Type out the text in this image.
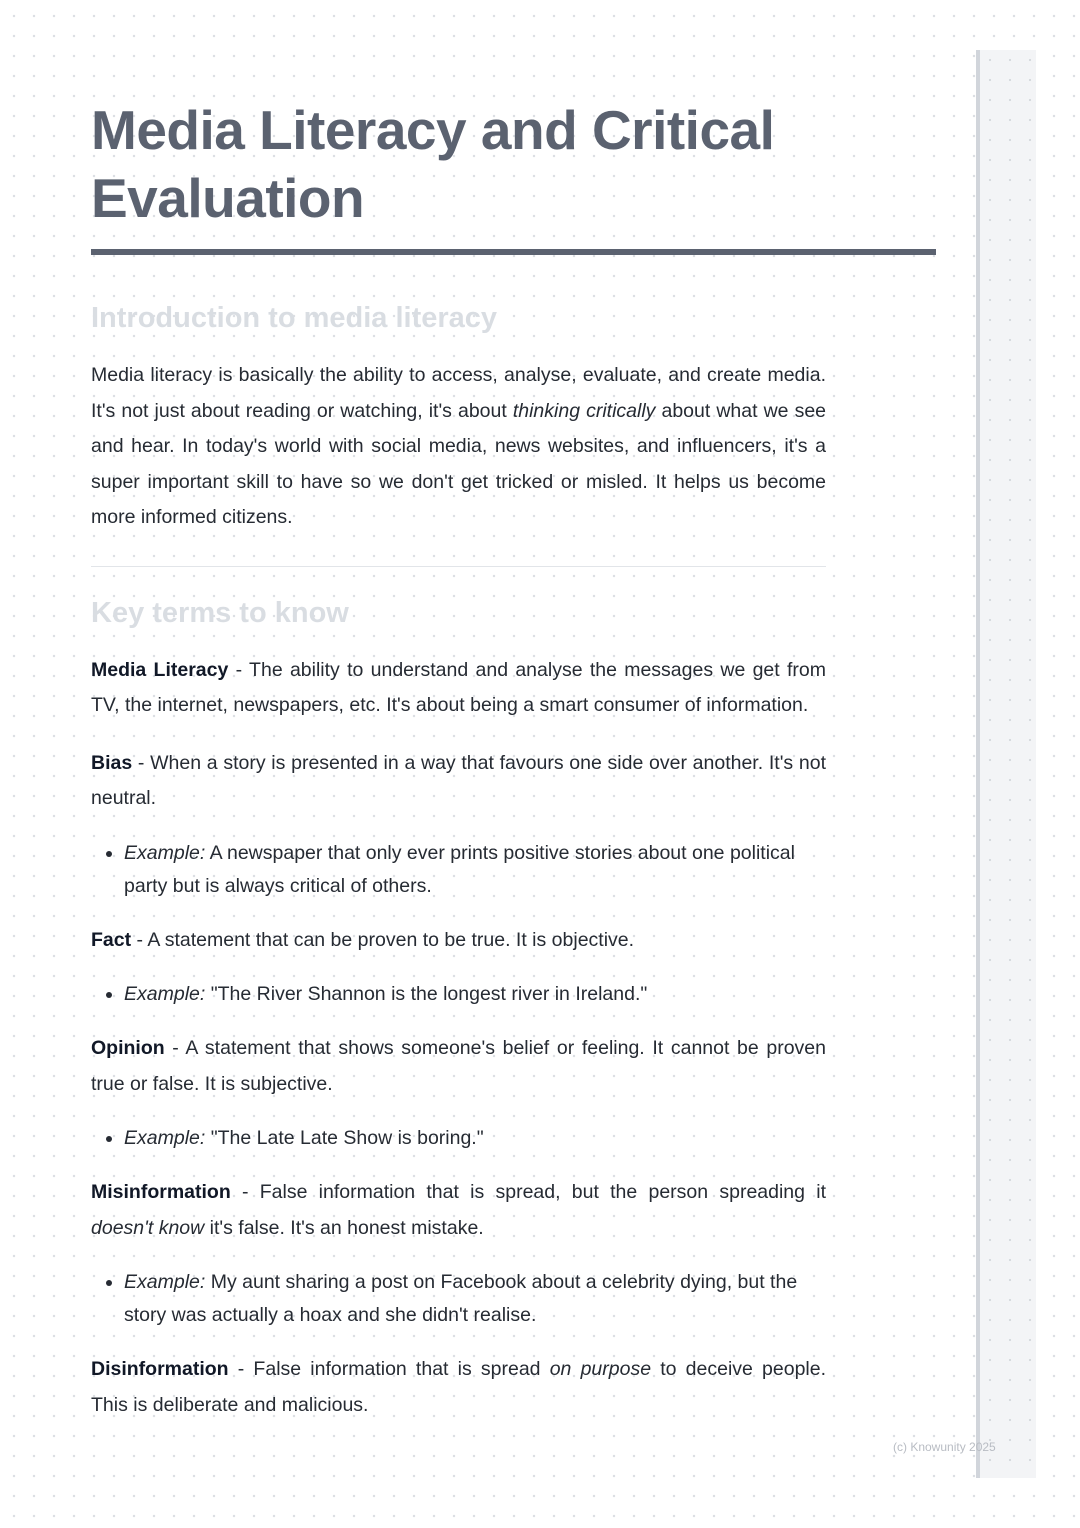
(c) Knowunity 2025
Media Literacy and Critical Evaluation
Introduction to media literacy

Media literacy is basically the ability to access, analyse, evaluate, and create media. It's not just about reading or watching, it's about thinking critically about what we see and hear. In today's world with social media, news websites, and influencers, it's a super important skill to have so we don't get tricked or misled. It helps us become more informed citizens.

Key terms to know

Media Literacy - The ability to understand and analyse the messages we get from TV, the internet, newspapers, etc. It's about being a smart consumer of information.

Bias - When a story is presented in a way that favours one side over another. It's not neutral.

• Example: A newspaper that only ever prints positive stories about one political party but is always critical of others.

Fact - A statement that can be proven to be true. It is objective.

• Example: "The River Shannon is the longest river in Ireland."

Opinion - A statement that shows someone's belief or feeling. It cannot be proven true or false. It is subjective.

• Example: "The Late Late Show is boring."

Misinformation - False information that is spread, but the person spreading it doesn't know it's false. It's an honest mistake.

• Example: My aunt sharing a post on Facebook about a celebrity dying, but the story was actually a hoax and she didn't realise.

Disinformation - False information that is spread on purpose to deceive people. This is deliberate and malicious.
